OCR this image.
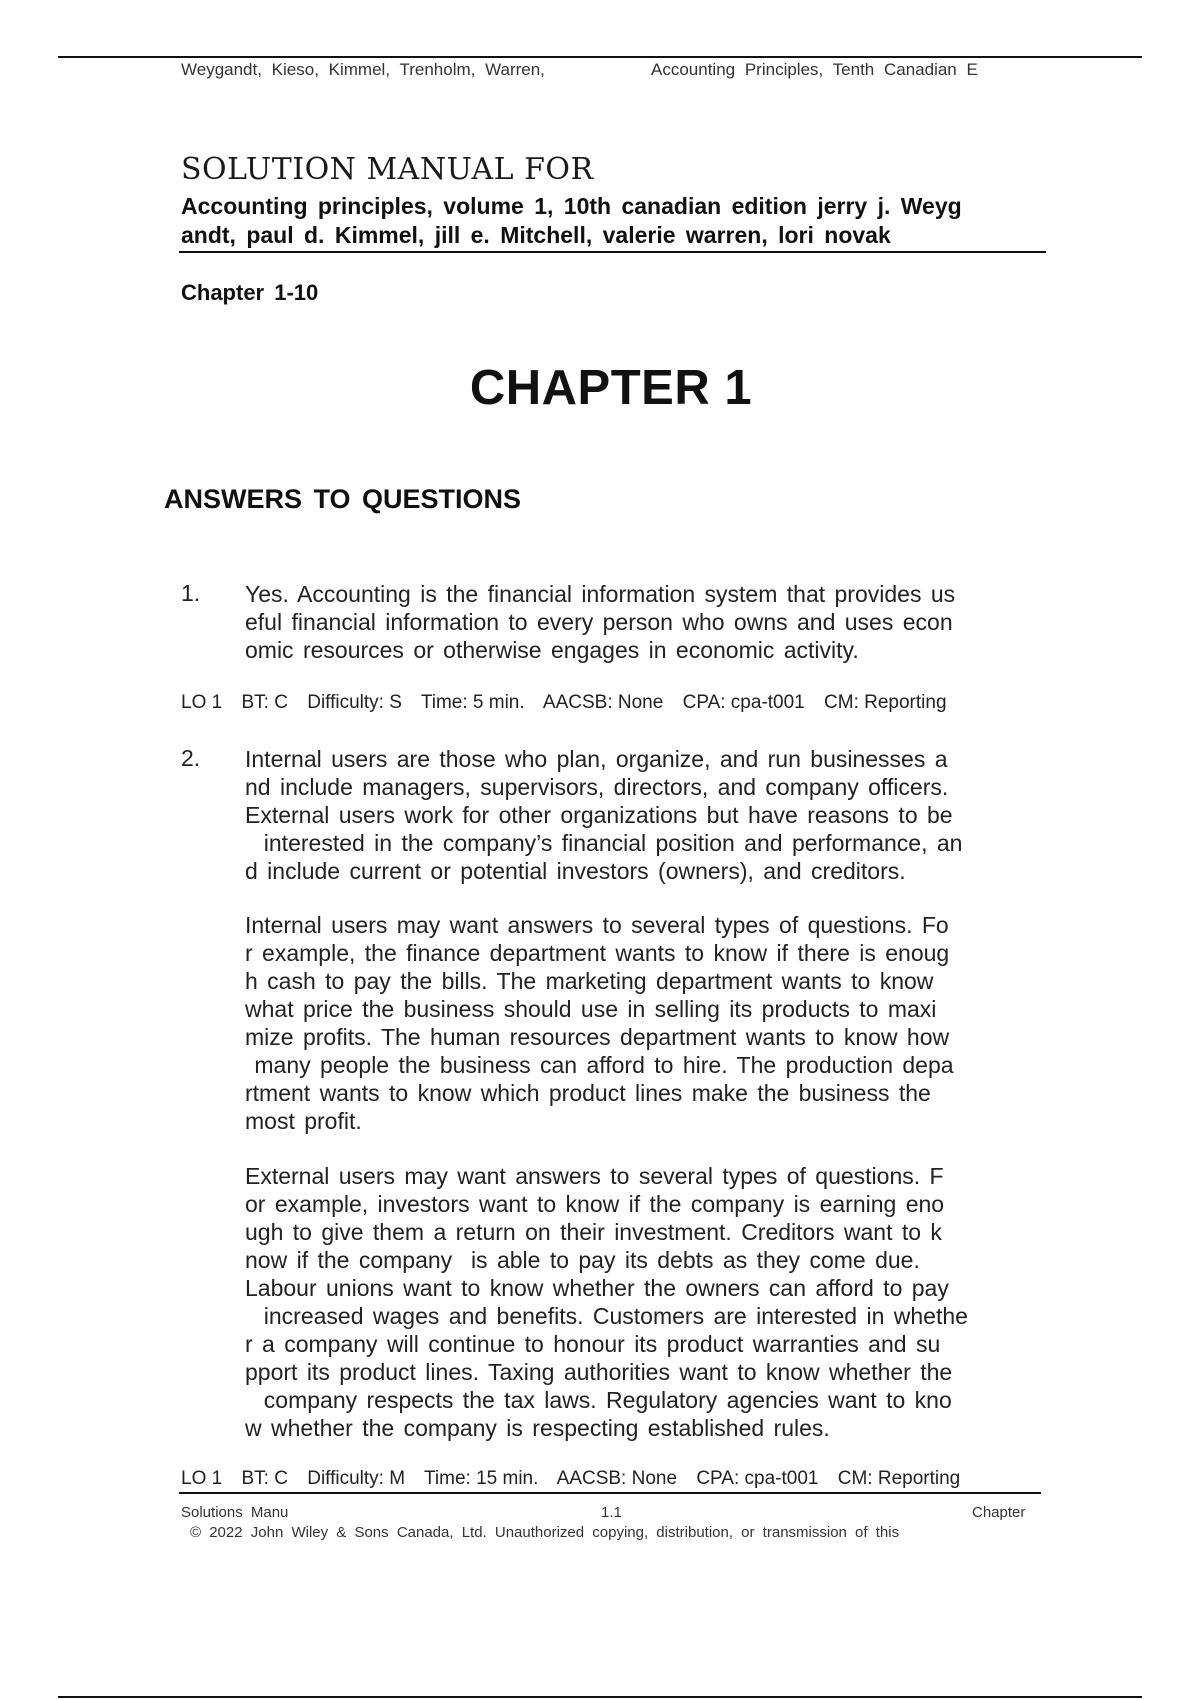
Weygandt, Kieso, Kimmel, Trenholm, Warren,	Accounting Principles, Tenth Canadian E
SOLUTION MANUAL FOR
Accounting principles, volume 1, 10th canadian edition jerry j. Weyg
andt, paul d. Kimmel, jill e. Mitchell, valerie warren, lori novak
Chapter 1-10
CHAPTER 1
ANSWERS TO QUESTIONS
1. Yes. Accounting is the financial information system that provides us
eful financial information to every person who owns and uses econ
omic resources or otherwise engages in economic activity.
LO 1 BT: C Difficulty: S Time: 5 min. AACSB: None CPA: cpa-t001 CM: Reporting
2. Internal users are those who plan, organize, and run businesses a
nd include managers, supervisors, directors, and company officers.
External users work for other organizations but have reasons to be
interested in the company’s financial position and performance, an
d include current or potential investors (owners), and creditors.
Internal users may want answers to several types of questions. Fo
r example, the finance department wants to know if there is enoug
h cash to pay the bills. The marketing department wants to know
what price the business should use in selling its products to maxi
mize profits. The human resources department wants to know how
many people the business can afford to hire. The production depa
rtment wants to know which product lines make the business the
most profit.
External users may want answers to several types of questions. F
or example, investors want to know if the company is earning eno
ugh to give them a return on their investment. Creditors want to k
now if the company  is able to pay its debts as they come due.
Labour unions want to know whether the owners can afford to pay
increased wages and benefits. Customers are interested in whethe
r a company will continue to honour its product warranties and su
pport its product lines. Taxing authorities want to know whether the
company respects the tax laws. Regulatory agencies want to kno
w whether the company is respecting established rules.
LO 1 BT: C Difficulty: M Time: 15 min. AACSB: None CPA: cpa-t001 CM: Reporting
Solutions Manu	1.1	Chapter
© 2022 John Wiley & Sons Canada, Ltd. Unauthorized copying, distribution, or transmission of this
